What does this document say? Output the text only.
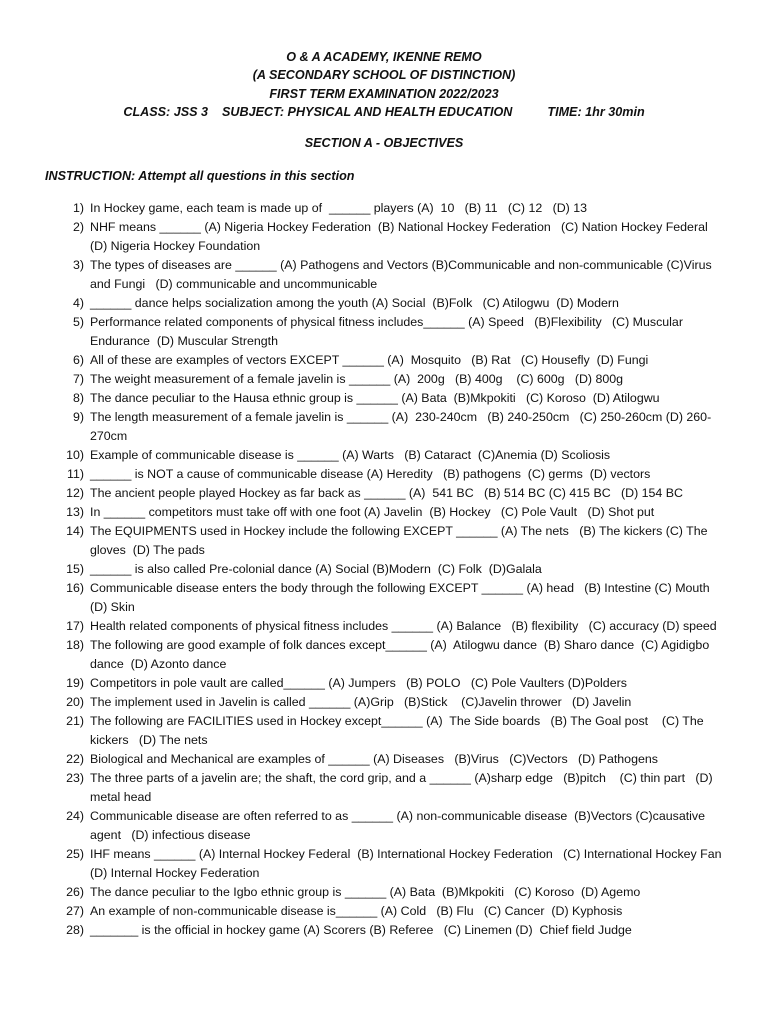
O & A ACADEMY, IKENNE REMO
(A SECONDARY SCHOOL OF DISTINCTION)
FIRST TERM EXAMINATION 2022/2023
CLASS: JSS 3    SUBJECT: PHYSICAL AND HEALTH EDUCATION          TIME: 1hr 30min
SECTION A - OBJECTIVES
INSTRUCTION: Attempt all questions in this section
1) In Hockey game, each team is made up of  ______ players (A)  10   (B) 11   (C) 12   (D) 13
2) NHF means ______ (A) Nigeria Hockey Federation  (B) National Hockey Federation   (C) Nation Hockey Federal   (D) Nigeria Hockey Foundation
3) The types of diseases are ______ (A) Pathogens and Vectors (B)Communicable and non-communicable (C)Virus and Fungi   (D) communicable and uncommunicable
4) ______ dance helps socialization among the youth (A) Social  (B)Folk   (C) Atilogwu  (D) Modern
5) Performance related components of physical fitness includes______ (A) Speed   (B)Flexibility   (C) Muscular Endurance  (D) Muscular Strength
6) All of these are examples of vectors EXCEPT ______ (A)  Mosquito   (B) Rat   (C) Housefly  (D) Fungi
7) The weight measurement of a female javelin is ______ (A)  200g   (B) 400g    (C) 600g   (D) 800g
8) The dance peculiar to the Hausa ethnic group is ______ (A) Bata  (B)Mkpokiti   (C) Koroso  (D) Atilogwu
9) The length measurement of a female javelin is ______ (A)  230-240cm   (B) 240-250cm   (C) 250-260cm (D) 260-270cm
10) Example of communicable disease is ______ (A) Warts   (B) Cataract  (C)Anemia (D) Scoliosis
11) ______ is NOT a cause of communicable disease (A) Heredity   (B) pathogens  (C) germs  (D) vectors
12) The ancient people played Hockey as far back as ______ (A)  541 BC   (B) 514 BC (C) 415 BC   (D) 154 BC
13) In ______ competitors must take off with one foot (A) Javelin  (B) Hockey   (C) Pole Vault   (D) Shot put
14) The EQUIPMENTS used in Hockey include the following EXCEPT ______ (A) The nets   (B) The kickers (C) The gloves  (D) The pads
15) ______ is also called Pre-colonial dance (A) Social (B)Modern  (C) Folk  (D)Galala
16) Communicable disease enters the body through the following EXCEPT ______ (A) head   (B) Intestine (C) Mouth  (D) Skin
17) Health related components of physical fitness includes ______ (A) Balance   (B) flexibility   (C) accuracy (D) speed
18) The following are good example of folk dances except______ (A)  Atilogwu dance  (B) Sharo dance  (C) Agidigbo dance  (D) Azonto dance
19) Competitors in pole vault are called______ (A) Jumpers   (B) POLO   (C) Pole Vaulters (D)Polders
20) The implement used in Javelin is called ______ (A)Grip   (B)Stick    (C)Javelin thrower   (D) Javelin
21) The following are FACILITIES used in Hockey except______ (A)  The Side boards   (B) The Goal post    (C) The kickers   (D) The nets
22) Biological and Mechanical are examples of ______ (A) Diseases   (B)Virus   (C)Vectors   (D) Pathogens
23) The three parts of a javelin are; the shaft, the cord grip, and a ______ (A)sharp edge   (B)pitch    (C) thin part   (D) metal head
24) Communicable disease are often referred to as ______ (A) non-communicable disease  (B)Vectors (C)causative agent   (D) infectious disease
25) IHF means ______ (A) Internal Hockey Federal  (B) International Hockey Federation   (C) International Hockey Fan   (D) Internal Hockey Federation
26) The dance peculiar to the Igbo ethnic group is ______ (A) Bata  (B)Mkpokiti   (C) Koroso  (D) Agemo
27) An example of non-communicable disease is______ (A) Cold   (B) Flu   (C) Cancer  (D) Kyphosis
28) _______ is the official in hockey game (A) Scorers (B) Referee   (C) Linemen (D)  Chief field Judge
